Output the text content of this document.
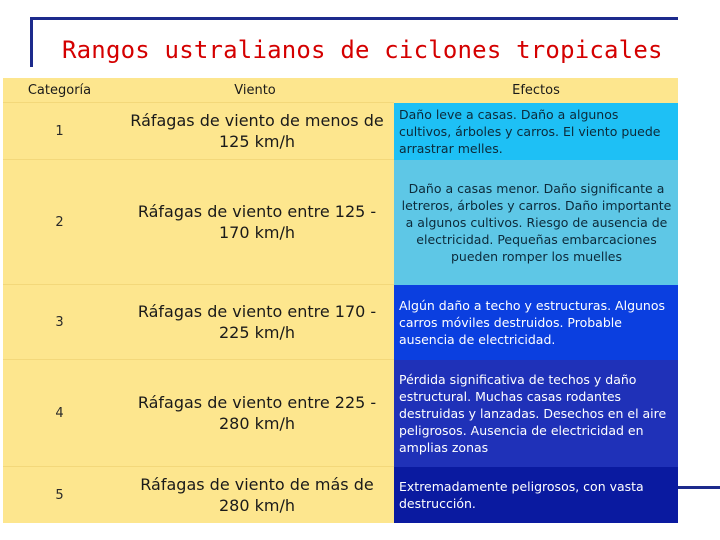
Rangos ustralianos de ciclones tropicales
Categoría	Viento	Efectos
1	Ráfagas de viento de menos de 125 km/h	Daño leve a casas. Daño a algunos cultivos, árboles y carros. El viento puede arrastrar melles.
2	Ráfagas de viento entre 125 - 170 km/h	Daño a casas menor. Daño significante a letreros, árboles y carros. Daño importante a algunos cultivos. Riesgo de ausencia de electricidad. Pequeñas embarcaciones pueden romper los muelles
3	Ráfagas de viento entre 170 - 225 km/h	Algún daño a techo y estructuras. Algunos carros móviles destruidos. Probable ausencia de electricidad.
4	Ráfagas de viento entre 225 - 280 km/h	Pérdida significativa de techos y daño estructural. Muchas casas rodantes destruidas y lanzadas. Desechos en el aire peligrosos. Ausencia de electricidad en amplias zonas
5	Ráfagas de viento de más de 280 km/h	Extremadamente peligrosos, con vasta destrucción.
